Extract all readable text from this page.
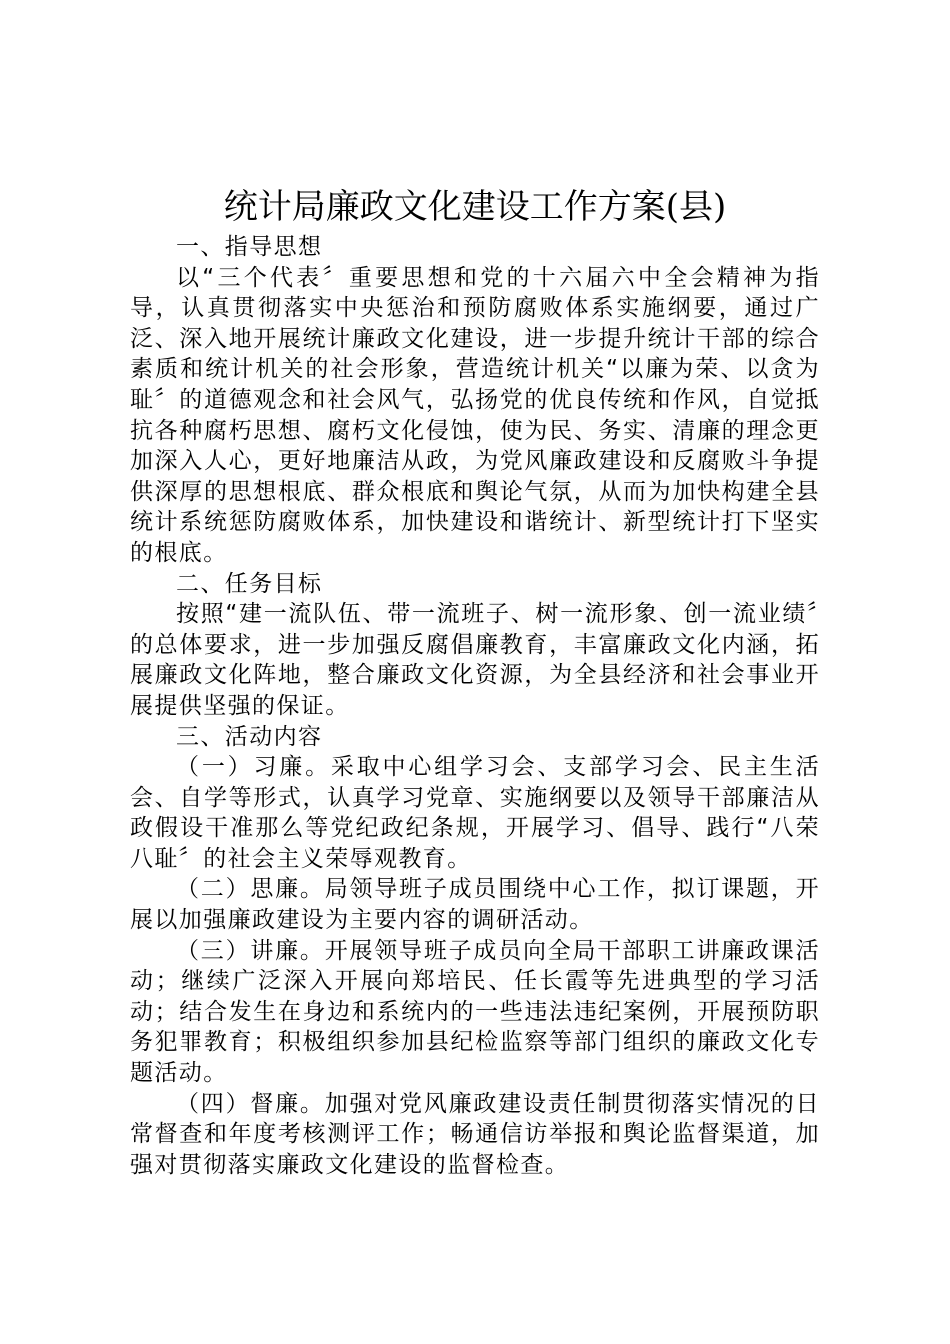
统计局廉政文化建设工作方案(县)

一、指导思想

以“三个代表〞重要思想和党的十六届六中全会精神为指导，认真贯彻落实中央惩治和预防腐败体系实施纲要，通过广泛、深入地开展统计廉政文化建设，进一步提升统计干部的综合素质和统计机关的社会形象，营造统计机关“以廉为荣、以贪为耻〞的道德观念和社会风气，弘扬党的优良传统和作风，自觉抵抗各种腐朽思想、腐朽文化侵蚀，使为民、务实、清廉的理念更加深入人心，更好地廉洁从政，为党风廉政建设和反腐败斗争提供深厚的思想根底、群众根底和舆论气氛，从而为加快构建全县统计系统惩防腐败体系，加快建设和谐统计、新型统计打下坚实的根底。

二、任务目标

按照“建一流队伍、带一流班子、树一流形象、创一流业绩〞的总体要求，进一步加强反腐倡廉教育，丰富廉政文化内涵，拓展廉政文化阵地，整合廉政文化资源，为全县经济和社会事业开展提供坚强的保证。

三、活动内容

（一）习廉。采取中心组学习会、支部学习会、民主生活会、自学等形式，认真学习党章、实施纲要以及领导干部廉洁从政假设干准那么等党纪政纪条规，开展学习、倡导、践行“八荣八耻〞的社会主义荣辱观教育。

（二）思廉。局领导班子成员围绕中心工作，拟订课题，开展以加强廉政建设为主要内容的调研活动。

（三）讲廉。开展领导班子成员向全局干部职工讲廉政课活动；继续广泛深入开展向郑培民、任长霞等先进典型的学习活动；结合发生在身边和系统内的一些违法违纪案例，开展预防职务犯罪教育；积极组织参加县纪检监察等部门组织的廉政文化专题活动。

（四）督廉。加强对党风廉政建设责任制贯彻落实情况的日常督查和年度考核测评工作；畅通信访举报和舆论监督渠道，加强对贯彻落实廉政文化建设的监督检查。
